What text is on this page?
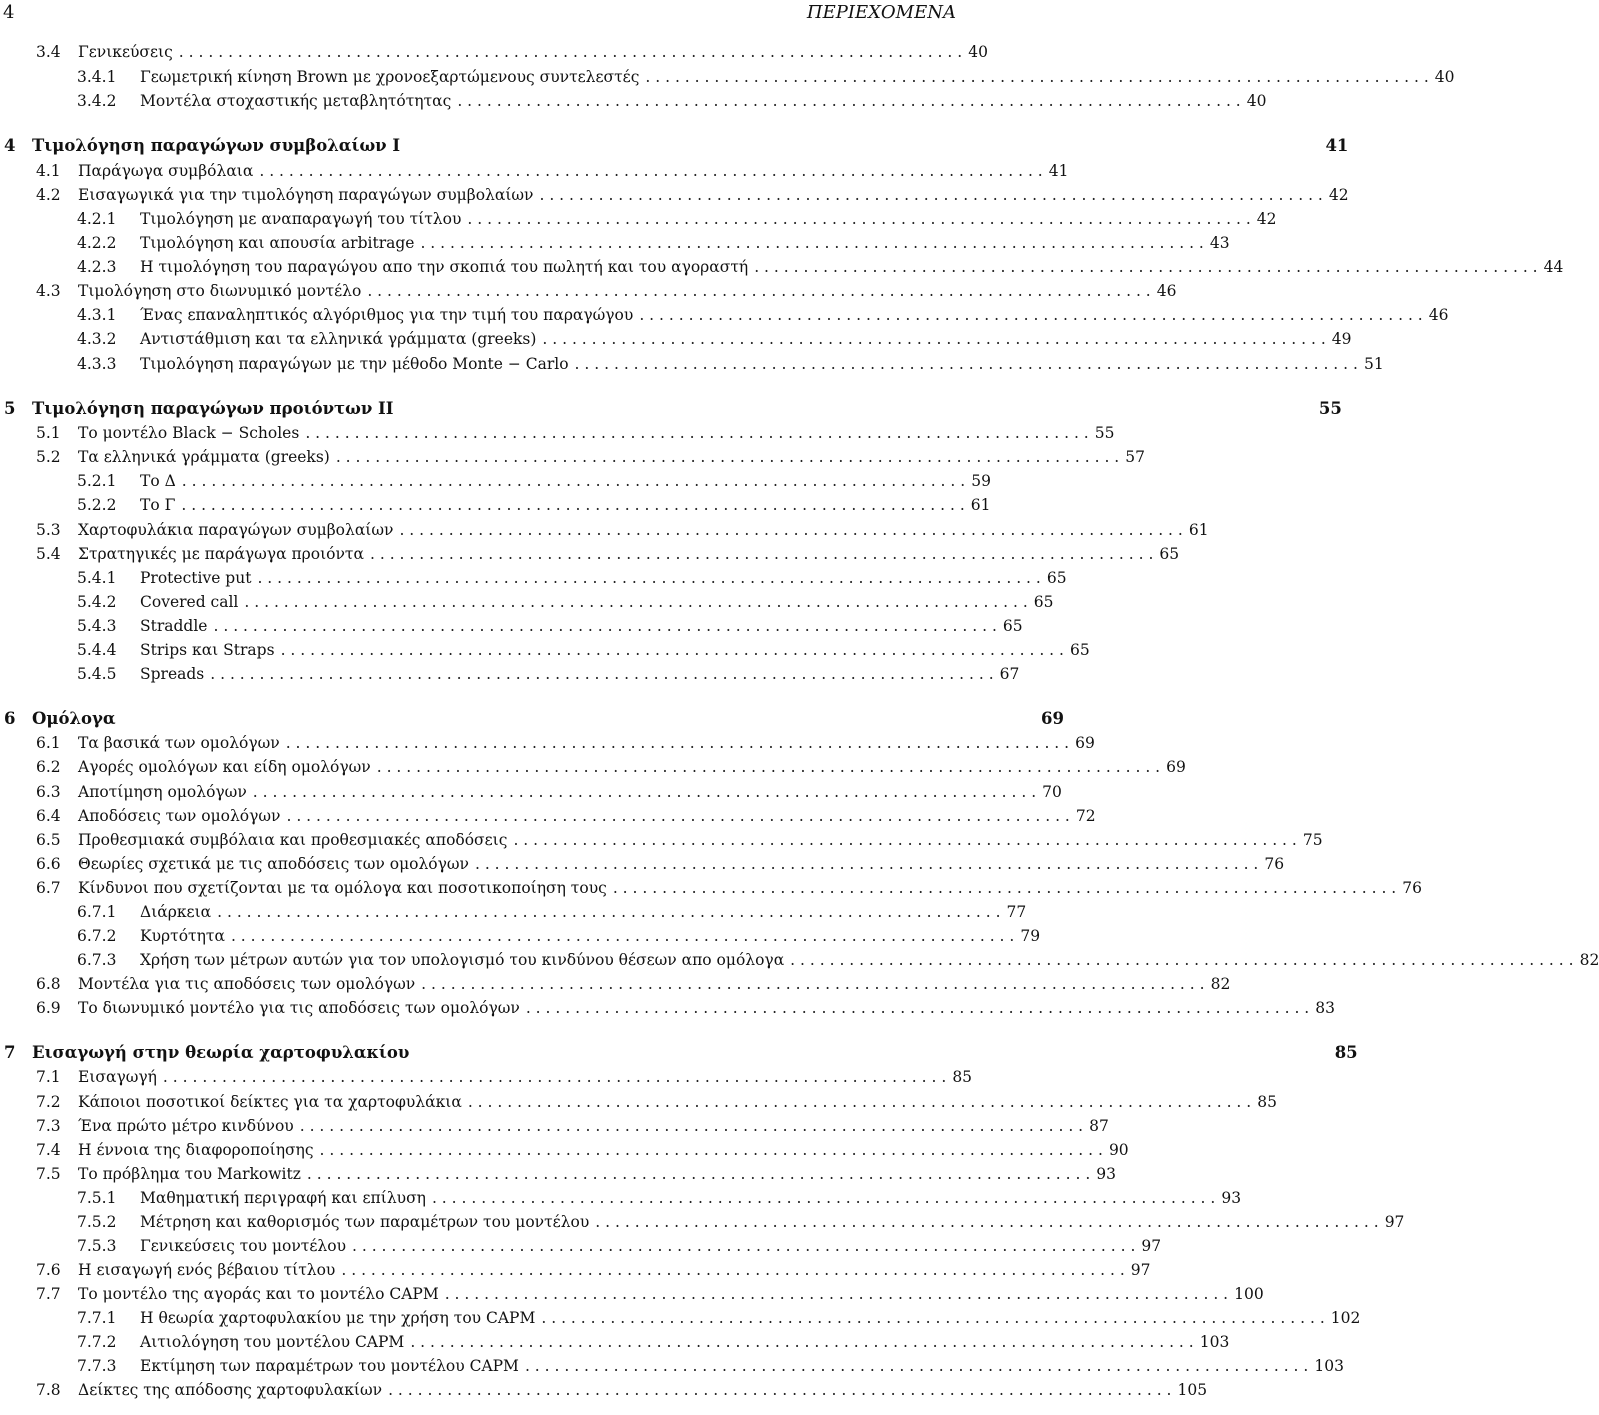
4	ΠΕΡΙΕΧΟΜΕΝΑ
3.4	Γενικεύσεις . . . . . . . . . . . . . . . . . . . . . . . . . . . . . . . . . . . . . . . . . . . . . . . . . . . . . . . . . . . . . . . . . . . . . . . . . . . . . . . . 40
3.4.1	Γεωμετρική κίνηση Brown με χρονοεξαρτώμενους συντελεστές . . . . . . . . . . . . . . . . . . . . . . . . . . . . . . . . . . . . . . . . . . . . . . . . . . . . . . . . . . . . . . . . . . . . . . . . . . . . . . . . 40
3.4.2	Μοντέλα στοχαστικής μεταβλητότητας . . . . . . . . . . . . . . . . . . . . . . . . . . . . . . . . . . . . . . . . . . . . . . . . . . . . . . . . . . . . . . . . . . . . . . . . . . . . . . . . 40
4	Τιμολόγηση παραγώγων συμβολαίων I	41
4.1	Παράγωγα συμβόλαια . . . . . . . . . . . . . . . . . . . . . . . . . . . . . . . . . . . . . . . . . . . . . . . . . . . . . . . . . . . . . . . . . . . . . . . . . . . . . . . . 41
4.2	Εισαγωγικά για την τιμολόγηση παραγώγων συμβολαίων . . . . . . . . . . . . . . . . . . . . . . . . . . . . . . . . . . . . . . . . . . . . . . . . . . . . . . . . . . . . . . . . . . . . . . . . . . . . . . . . 42
4.2.1	Τιμολόγηση με αναπαραγωγή του τίτλου . . . . . . . . . . . . . . . . . . . . . . . . . . . . . . . . . . . . . . . . . . . . . . . . . . . . . . . . . . . . . . . . . . . . . . . . . . . . . . . . 42
4.2.2	Τιμολόγηση και απουσία arbitrage . . . . . . . . . . . . . . . . . . . . . . . . . . . . . . . . . . . . . . . . . . . . . . . . . . . . . . . . . . . . . . . . . . . . . . . . . . . . . . . . 43
4.2.3	Η τιμολόγηση του παραγώγου απο την σκοπιά του πωλητή και του αγοραστή . . . . . . . . . . . . . . . . . . . . . . . . . . . . . . . . . . . . . . . . . . . . . . . . . . . . . . . . . . . . . . . . . . . . . . . . . . . . . . . . 44
4.3	Τιμολόγηση στο διωνυμικό μοντέλο . . . . . . . . . . . . . . . . . . . . . . . . . . . . . . . . . . . . . . . . . . . . . . . . . . . . . . . . . . . . . . . . . . . . . . . . . . . . . . . . 46
4.3.1	Ένας επαναληπτικός αλγόριθμος για την τιμή του παραγώγου . . . . . . . . . . . . . . . . . . . . . . . . . . . . . . . . . . . . . . . . . . . . . . . . . . . . . . . . . . . . . . . . . . . . . . . . . . . . . . . . 46
4.3.2	Αντιστάθμιση και τα ελληνικά γράμματα (greeks) . . . . . . . . . . . . . . . . . . . . . . . . . . . . . . . . . . . . . . . . . . . . . . . . . . . . . . . . . . . . . . . . . . . . . . . . . . . . . . . . 49
4.3.3	Τιμολόγηση παραγώγων με την μέθοδο Monte − Carlo . . . . . . . . . . . . . . . . . . . . . . . . . . . . . . . . . . . . . . . . . . . . . . . . . . . . . . . . . . . . . . . . . . . . . . . . . . . . . . . . 51
5	Τιμολόγηση παραγώγων προιόντων II	55
5.1	Το μοντέλο Black − Scholes . . . . . . . . . . . . . . . . . . . . . . . . . . . . . . . . . . . . . . . . . . . . . . . . . . . . . . . . . . . . . . . . . . . . . . . . . . . . . . . . 55
5.2	Τα ελληνικά γράμματα (greeks) . . . . . . . . . . . . . . . . . . . . . . . . . . . . . . . . . . . . . . . . . . . . . . . . . . . . . . . . . . . . . . . . . . . . . . . . . . . . . . . . 57
5.2.1	Το Δ . . . . . . . . . . . . . . . . . . . . . . . . . . . . . . . . . . . . . . . . . . . . . . . . . . . . . . . . . . . . . . . . . . . . . . . . . . . . . . . . 59
5.2.2	Το Γ . . . . . . . . . . . . . . . . . . . . . . . . . . . . . . . . . . . . . . . . . . . . . . . . . . . . . . . . . . . . . . . . . . . . . . . . . . . . . . . . 61
5.3	Χαρτοφυλάκια παραγώγων συμβολαίων . . . . . . . . . . . . . . . . . . . . . . . . . . . . . . . . . . . . . . . . . . . . . . . . . . . . . . . . . . . . . . . . . . . . . . . . . . . . . . . . 61
5.4	Στρατηγικές με παράγωγα προιόντα . . . . . . . . . . . . . . . . . . . . . . . . . . . . . . . . . . . . . . . . . . . . . . . . . . . . . . . . . . . . . . . . . . . . . . . . . . . . . . . . 65
5.4.1	Protective put . . . . . . . . . . . . . . . . . . . . . . . . . . . . . . . . . . . . . . . . . . . . . . . . . . . . . . . . . . . . . . . . . . . . . . . . . . . . . . . . 65
5.4.2	Covered call . . . . . . . . . . . . . . . . . . . . . . . . . . . . . . . . . . . . . . . . . . . . . . . . . . . . . . . . . . . . . . . . . . . . . . . . . . . . . . . . 65
5.4.3	Straddle . . . . . . . . . . . . . . . . . . . . . . . . . . . . . . . . . . . . . . . . . . . . . . . . . . . . . . . . . . . . . . . . . . . . . . . . . . . . . . . . 65
5.4.4	Strips και Straps . . . . . . . . . . . . . . . . . . . . . . . . . . . . . . . . . . . . . . . . . . . . . . . . . . . . . . . . . . . . . . . . . . . . . . . . . . . . . . . . 65
5.4.5	Spreads . . . . . . . . . . . . . . . . . . . . . . . . . . . . . . . . . . . . . . . . . . . . . . . . . . . . . . . . . . . . . . . . . . . . . . . . . . . . . . . . 67
6	Ομόλογα	69
6.1	Τα βασικά των ομολόγων . . . . . . . . . . . . . . . . . . . . . . . . . . . . . . . . . . . . . . . . . . . . . . . . . . . . . . . . . . . . . . . . . . . . . . . . . . . . . . . . 69
6.2	Αγορές ομολόγων και είδη ομολόγων . . . . . . . . . . . . . . . . . . . . . . . . . . . . . . . . . . . . . . . . . . . . . . . . . . . . . . . . . . . . . . . . . . . . . . . . . . . . . . . . 69
6.3	Αποτίμηση ομολόγων . . . . . . . . . . . . . . . . . . . . . . . . . . . . . . . . . . . . . . . . . . . . . . . . . . . . . . . . . . . . . . . . . . . . . . . . . . . . . . . . 70
6.4	Αποδόσεις των ομολόγων . . . . . . . . . . . . . . . . . . . . . . . . . . . . . . . . . . . . . . . . . . . . . . . . . . . . . . . . . . . . . . . . . . . . . . . . . . . . . . . . 72
6.5	Προθεσμιακά συμβόλαια και προθεσμιακές αποδόσεις . . . . . . . . . . . . . . . . . . . . . . . . . . . . . . . . . . . . . . . . . . . . . . . . . . . . . . . . . . . . . . . . . . . . . . . . . . . . . . . . 75
6.6	Θεωρίες σχετικά με τις αποδόσεις των ομολόγων . . . . . . . . . . . . . . . . . . . . . . . . . . . . . . . . . . . . . . . . . . . . . . . . . . . . . . . . . . . . . . . . . . . . . . . . . . . . . . . . 76
6.7	Κίνδυνοι που σχετίζονται με τα ομόλογα και ποσοτικοποίηση τους . . . . . . . . . . . . . . . . . . . . . . . . . . . . . . . . . . . . . . . . . . . . . . . . . . . . . . . . . . . . . . . . . . . . . . . . . . . . . . . . 76
6.7.1	Διάρκεια . . . . . . . . . . . . . . . . . . . . . . . . . . . . . . . . . . . . . . . . . . . . . . . . . . . . . . . . . . . . . . . . . . . . . . . . . . . . . . . . 77
6.7.2	Κυρτότητα . . . . . . . . . . . . . . . . . . . . . . . . . . . . . . . . . . . . . . . . . . . . . . . . . . . . . . . . . . . . . . . . . . . . . . . . . . . . . . . . 79
6.7.3	Χρήση των μέτρων αυτών για τον υπολογισμό του κινδύνου θέσεων απο ομόλογα . . . . . . . . . . . . . . . . . . . . . . . . . . . . . . . . . . . . . . . . . . . . . . . . . . . . . . . . . . . . . . . . . . . . . . . . . . . . . . . . 82
6.8	Μοντέλα για τις αποδόσεις των ομολόγων . . . . . . . . . . . . . . . . . . . . . . . . . . . . . . . . . . . . . . . . . . . . . . . . . . . . . . . . . . . . . . . . . . . . . . . . . . . . . . . . 82
6.9	Το διωνυμικό μοντέλο για τις αποδόσεις των ομολόγων . . . . . . . . . . . . . . . . . . . . . . . . . . . . . . . . . . . . . . . . . . . . . . . . . . . . . . . . . . . . . . . . . . . . . . . . . . . . . . . . 83
7	Εισαγωγή στην θεωρία χαρτοφυλακίου	85
7.1	Εισαγωγή . . . . . . . . . . . . . . . . . . . . . . . . . . . . . . . . . . . . . . . . . . . . . . . . . . . . . . . . . . . . . . . . . . . . . . . . . . . . . . . . 85
7.2	Κάποιοι ποσοτικοί δείκτες για τα χαρτοφυλάκια . . . . . . . . . . . . . . . . . . . . . . . . . . . . . . . . . . . . . . . . . . . . . . . . . . . . . . . . . . . . . . . . . . . . . . . . . . . . . . . . 85
7.3	Ένα πρώτο μέτρο κινδύνου . . . . . . . . . . . . . . . . . . . . . . . . . . . . . . . . . . . . . . . . . . . . . . . . . . . . . . . . . . . . . . . . . . . . . . . . . . . . . . . . 87
7.4	Η έννοια της διαφοροποίησης . . . . . . . . . . . . . . . . . . . . . . . . . . . . . . . . . . . . . . . . . . . . . . . . . . . . . . . . . . . . . . . . . . . . . . . . . . . . . . . . 90
7.5	Το πρόβλημα του Markowitz . . . . . . . . . . . . . . . . . . . . . . . . . . . . . . . . . . . . . . . . . . . . . . . . . . . . . . . . . . . . . . . . . . . . . . . . . . . . . . . . 93
7.5.1	Μαθηματική περιγραφή και επίλυση . . . . . . . . . . . . . . . . . . . . . . . . . . . . . . . . . . . . . . . . . . . . . . . . . . . . . . . . . . . . . . . . . . . . . . . . . . . . . . . . 93
7.5.2	Μέτρηση και καθορισμός των παραμέτρων του μοντέλου . . . . . . . . . . . . . . . . . . . . . . . . . . . . . . . . . . . . . . . . . . . . . . . . . . . . . . . . . . . . . . . . . . . . . . . . . . . . . . . . 97
7.5.3	Γενικεύσεις του μοντέλου . . . . . . . . . . . . . . . . . . . . . . . . . . . . . . . . . . . . . . . . . . . . . . . . . . . . . . . . . . . . . . . . . . . . . . . . . . . . . . . . 97
7.6	Η εισαγωγή ενός βέβαιου τίτλου . . . . . . . . . . . . . . . . . . . . . . . . . . . . . . . . . . . . . . . . . . . . . . . . . . . . . . . . . . . . . . . . . . . . . . . . . . . . . . . . 97
7.7	Το μοντέλο της αγοράς και το μοντέλο CAPM . . . . . . . . . . . . . . . . . . . . . . . . . . . . . . . . . . . . . . . . . . . . . . . . . . . . . . . . . . . . . . . . . . . . . . . . . . . . . . . . 100
7.7.1	Η θεωρία χαρτοφυλακίου με την χρήση του CAPM . . . . . . . . . . . . . . . . . . . . . . . . . . . . . . . . . . . . . . . . . . . . . . . . . . . . . . . . . . . . . . . . . . . . . . . . . . . . . . . . 102
7.7.2	Αιτιολόγηση του μοντέλου CAPM . . . . . . . . . . . . . . . . . . . . . . . . . . . . . . . . . . . . . . . . . . . . . . . . . . . . . . . . . . . . . . . . . . . . . . . . . . . . . . . . 103
7.7.3	Εκτίμηση των παραμέτρων του μοντέλου CAPM . . . . . . . . . . . . . . . . . . . . . . . . . . . . . . . . . . . . . . . . . . . . . . . . . . . . . . . . . . . . . . . . . . . . . . . . . . . . . . . . 103
7.8	Δείκτες της απόδοσης χαρτοφυλακίων . . . . . . . . . . . . . . . . . . . . . . . . . . . . . . . . . . . . . . . . . . . . . . . . . . . . . . . . . . . . . . . . . . . . . . . . . . . . . . . . 105
